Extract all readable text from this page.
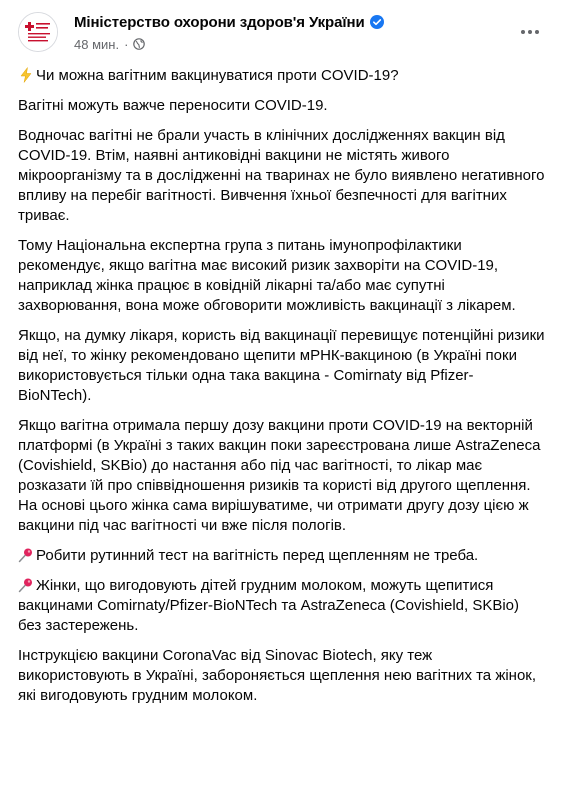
Міністерство охорони здоров'я України
48 мин. ·

Чи можна вагітним вакцинуватися проти COVID-19?

Вагітні можуть важче переносити COVID-19.

Водночас вагітні не брали участь в клінічних дослідженнях вакцин від COVID-19. Втім, наявні антиковідні вакцини не містять живого мікроорганізму та в дослідженні на тваринах не було виявлено негативного впливу на перебіг вагітності. Вивчення їхньої безпечності для вагітних триває.

Тому Національна експертна група з питань імунопрофілактики рекомендує, якщо вагітна має високий ризик захворіти на COVID-19, наприклад жінка працює в ковідній лікарні та/або має супутні захворювання, вона може обговорити можливість вакцинації з лікарем.

Якщо, на думку лікаря, користь від вакцинації перевищує потенційні ризики від неї, то жінку рекомендовано щепити мРНК-вакциною (в Україні поки використовується тільки одна така вакцина - Comirnaty від Pfizer-BioNTech).

Якщо вагітна отримала першу дозу вакцини проти COVID-19 на векторній платформі (в Україні з таких вакцин поки зареєстрована лише AstraZeneca (Covishield, SKBio) до настання або під час вагітності, то лікар має розказати їй про співвідношення ризиків та користі від другого щеплення. На основі цього жінка сама вирішуватиме, чи отримати другу дозу цією ж вакцини під час вагітності чи вже після пологів.

Робити рутинний тест на вагітність перед щепленням не треба.

Жінки, що вигодовують дітей грудним молоком, можуть щепитися вакцинами Comirnaty/Pfizer-BioNTech та AstraZeneca (Covishield, SKBio) без застережень.

Інструкцією вакцини CoronaVac від Sinovac Biotech, яку теж використовують в Україні, забороняється щеплення нею вагітних та жінок, які вигодовують грудним молоком.
